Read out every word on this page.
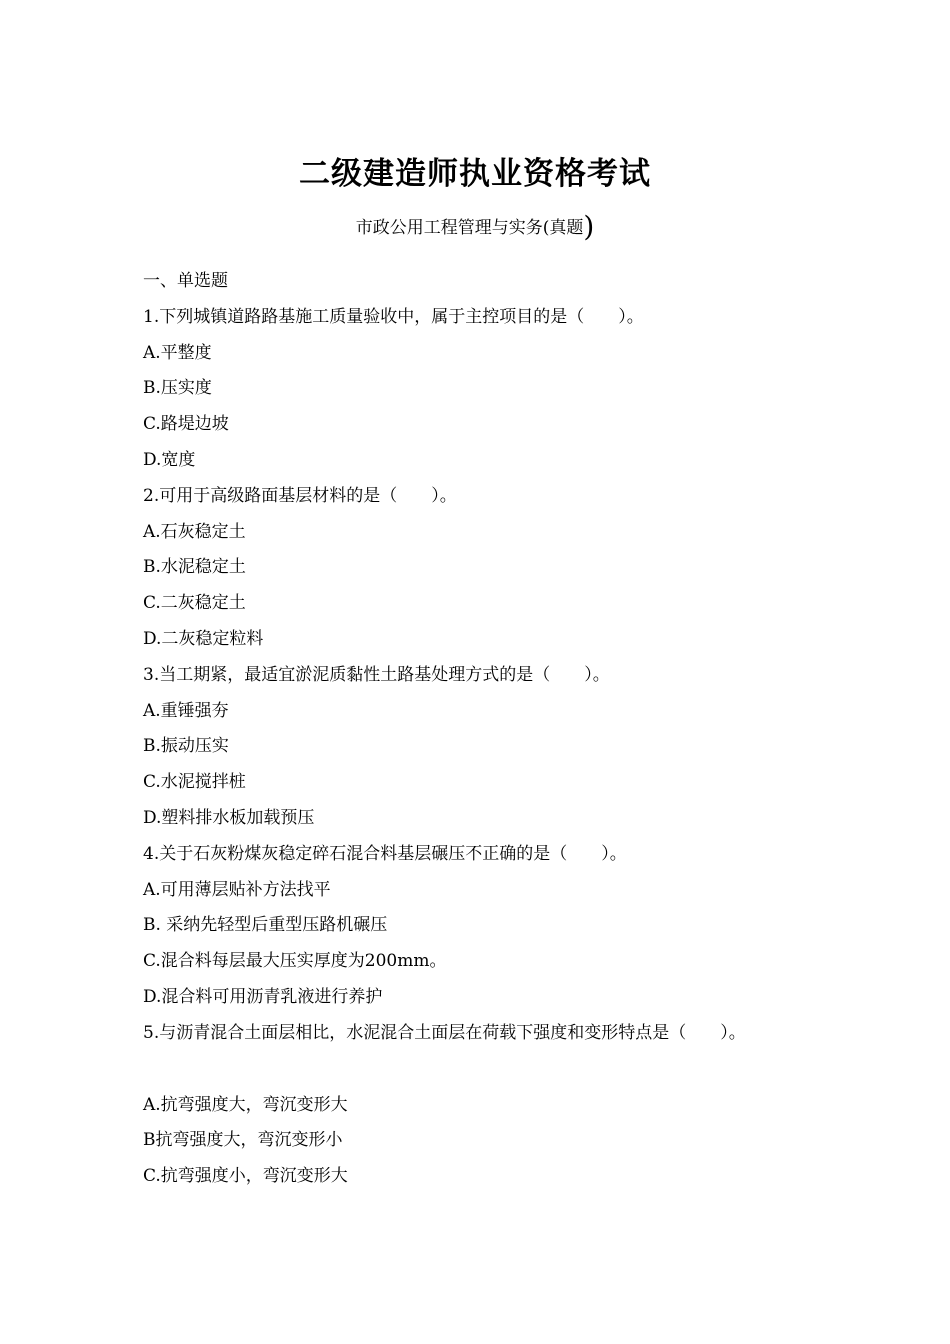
二级建造师执业资格考试

市政公用工程管理与实务(真题)

一、单选题
1.下列城镇道路路基施工质量验收中，属于主控项目的是（　　）。
A.平整度
B.压实度
C.路堤边坡
D.宽度
2.可用于高级路面基层材料的是（　　）。
A.石灰稳定土
B.水泥稳定土
C.二灰稳定土
D.二灰稳定粒料
3.当工期紧，最适宜淤泥质黏性土路基处理方式的是（　　）。
A.重锤强夯
B.振动压实
C.水泥搅拌桩
D.塑料排水板加载预压
4.关于石灰粉煤灰稳定碎石混合料基层碾压不正确的是（　　）。
A.可用薄层贴补方法找平
B. 采纳先轻型后重型压路机碾压
C.混合料每层最大压实厚度为200mm。
D.混合料可用沥青乳液进行养护
5.与沥青混合土面层相比，水泥混合土面层在荷载下强度和变形特点是（　　）。
A.抗弯强度大，弯沉变形大
B抗弯强度大，弯沉变形小
C.抗弯强度小，弯沉变形大
